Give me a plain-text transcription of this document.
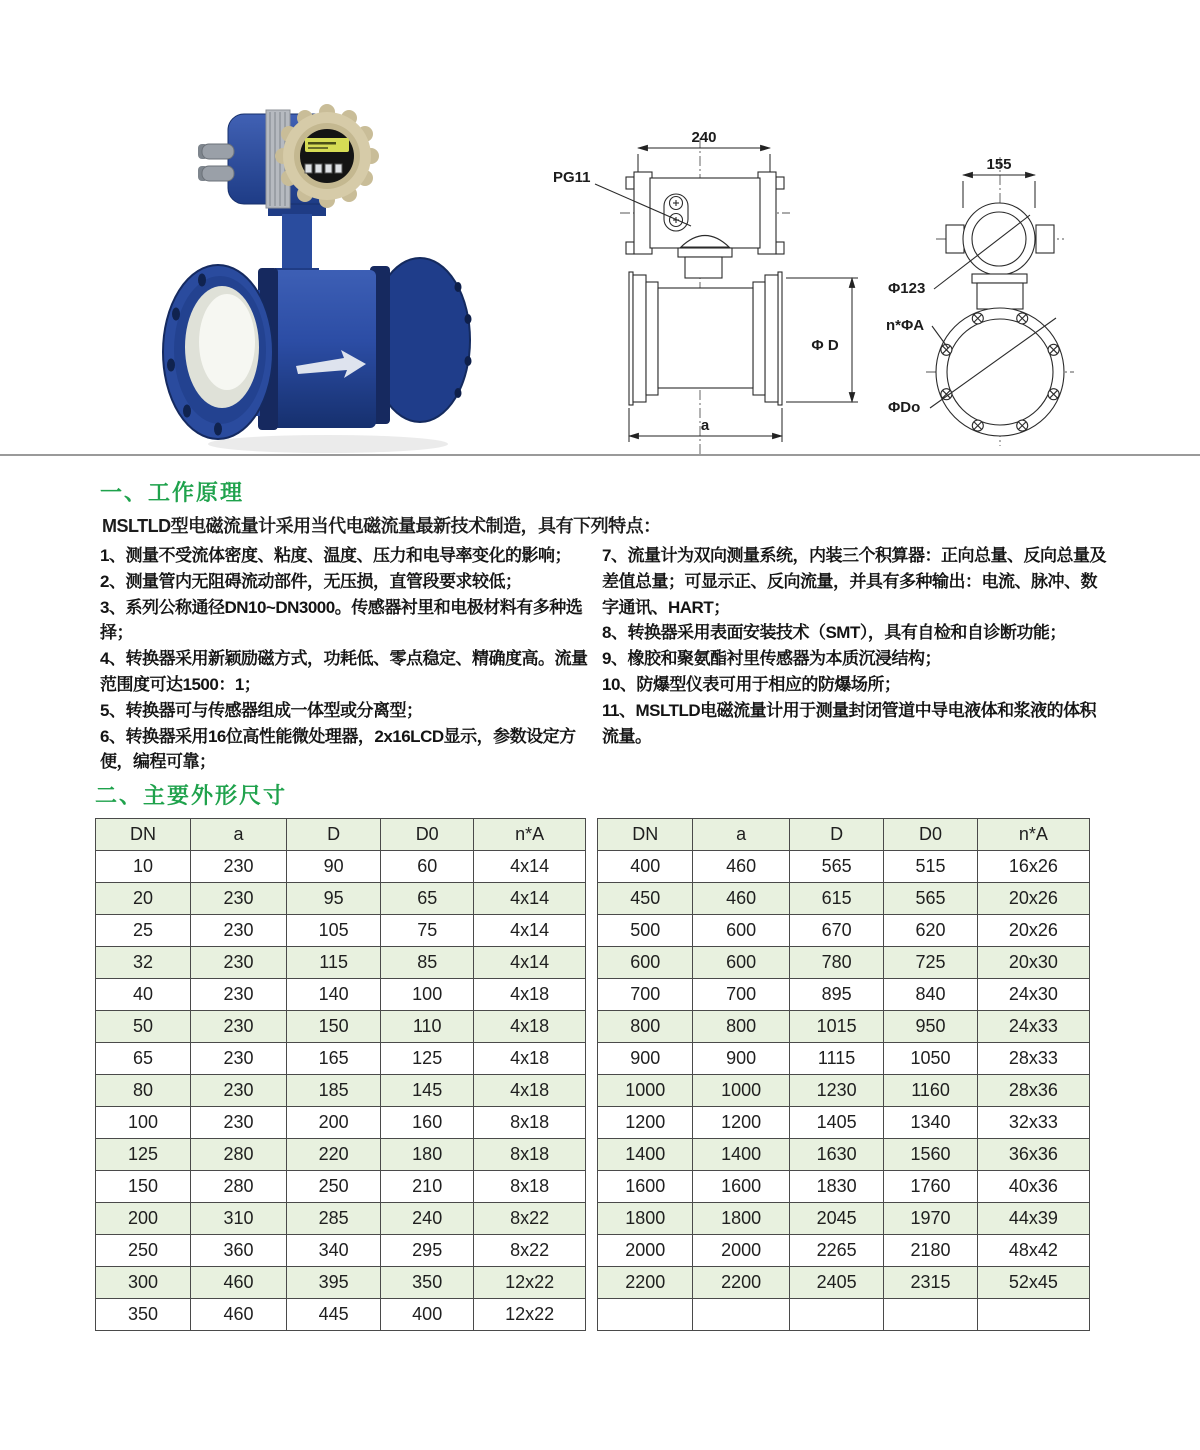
240
PG11
Φ D
a
155
Φ123
n*ΦA
ΦDo
一、工作原理

MSLTLD型电磁流量计采用当代电磁流量最新技术制造，具有下列特点：

1、测量不受流体密度、粘度、温度、压力和电导率变化的影响；
2、测量管内无阻碍流动部件，无压损，直管段要求较低；
3、系列公称通径DN10~DN3000。传感器衬里和电极材料有多种选择；
4、转换器采用新颖励磁方式，功耗低、零点稳定、精确度高。流量范围度可达1500：1；
5、转换器可与传感器组成一体型或分离型；
6、转换器采用16位高性能微处理器，2x16LCD显示，参数设定方便，编程可靠；
7、流量计为双向测量系统，内装三个积算器：正向总量、反向总量及差值总量；可显示正、反向流量，并具有多种输出：电流、脉冲、数字通讯、HART；
8、转换器采用表面安装技术（SMT），具有自检和自诊断功能；
9、橡胶和聚氨酯衬里传感器为本质沉浸结构；
10、防爆型仪表可用于相应的防爆场所；
11、MSLTLD电磁流量计用于测量封闭管道中导电液体和浆液的体积流量。
二、主要外形尺寸
DN	a	D	D0	n*A
10	230	90	60	4x14
20	230	95	65	4x14
25	230	105	75	4x14
32	230	115	85	4x14
40	230	140	100	4x18
50	230	150	110	4x18
65	230	165	125	4x18
80	230	185	145	4x18
100	230	200	160	8x18
125	280	220	180	8x18
150	280	250	210	8x18
200	310	285	240	8x22
250	360	340	295	8x22
300	460	395	350	12x22
350	460	445	400	12x22
DN	a	D	D0	n*A
400	460	565	515	16x26
450	460	615	565	20x26
500	600	670	620	20x26
600	600	780	725	20x30
700	700	895	840	24x30
800	800	1015	950	24x33
900	900	1115	1050	28x33
1000	1000	1230	1160	28x36
1200	1200	1405	1340	32x33
1400	1400	1630	1560	36x36
1600	1600	1830	1760	40x36
1800	1800	2045	1970	44x39
2000	2000	2265	2180	48x42
2200	2200	2405	2315	52x45
